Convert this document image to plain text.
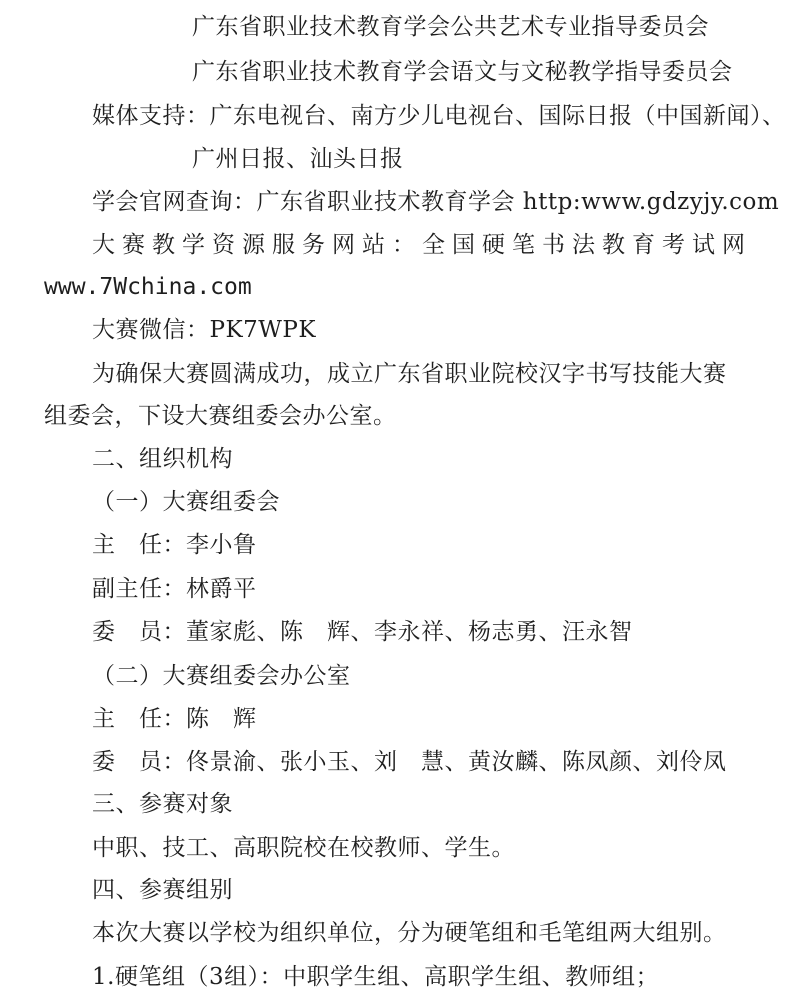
广东省职业技术教育学会公共艺术专业指导委员会
广东省职业技术教育学会语文与文秘教学指导委员会
媒体支持：广东电视台、南方少儿电视台、国际日报（中国新闻）、
广州日报、汕头日报
学会官网查询：广东省职业技术教育学会 http:www.gdzyjy.com
大赛教学资源服务网站：全国硬笔书法教育考试网
www.7Wchina.com
大赛微信：PK7WPK
为确保大赛圆满成功，成立广东省职业院校汉字书写技能大赛
组委会，下设大赛组委会办公室。
二、组织机构
（一）大赛组委会
主　任：李小鲁
副主任：林爵平
委　员：董家彪、陈　辉、李永祥、杨志勇、汪永智
（二）大赛组委会办公室
主　任：陈　辉
委　员：佟景渝、张小玉、刘　慧、黄汝麟、陈凤颜、刘伶凤
三、参赛对象
中职、技工、高职院校在校教师、学生。
四、参赛组别
本次大赛以学校为组织单位，分为硬笔组和毛笔组两大组别。
1.硬笔组（3组）：中职学生组、高职学生组、教师组；
